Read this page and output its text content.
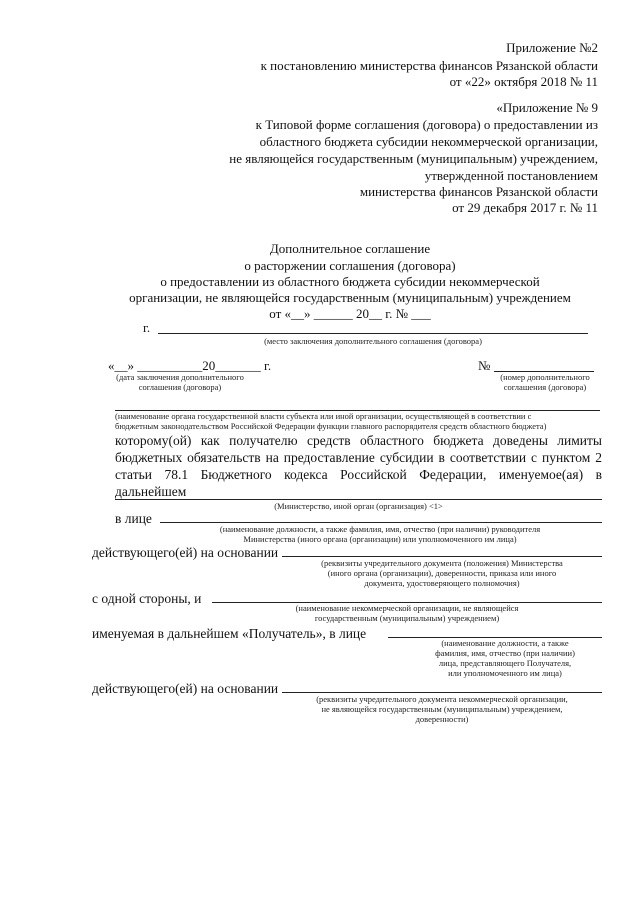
Приложение №2
к постановлению министерства финансов Рязанской области
от «22» октября 2018 № 11
«Приложение № 9
к Типовой форме соглашения (договора) о предоставлении из
областного бюджета субсидии некоммерческой организации,
не являющейся государственным (муниципальным) учреждением,
утвержденной постановлением
министерства финансов Рязанской области
от 29 декабря 2017 г. № 11
Дополнительное соглашение
о расторжении соглашения (договора)
о предоставлении из областного бюджета субсидии некоммерческой
организации, не являющейся государственным (муниципальным) учреждением
от «__» ______ 20__ г. № ___
г.
(место заключения дополнительного соглашения (договора)
«__» __________20_______ г.
(дата заключения дополнительного
соглашения (договора)
№
(номер дополнительного
соглашения (договора)
(наименование органа государственной власти субъекта или иной организации, осуществляющей в соответствии с
бюджетным законодательством Российской Федерации функции главного распорядителя средств областного бюджета)
которому(ой) как получателю средств областного бюджета доведены лимиты бюджетных обязательств на предоставление субсидии в соответствии с пунктом 2 статьи 78.1 Бюджетного кодекса Российской Федерации, именуемое(ая) в дальнейшем
(Министерство, иной орган (организация) <1>
в лице
(наименование должности, а также фамилия, имя, отчество (при наличии) руководителя
Министерства (иного органа (организации) или уполномоченного им лица)
действующего(ей) на основании
(реквизиты учредительного документа (положения) Министерства
(иного органа (организации), доверенности, приказа или иного
документа, удостоверяющего полномочия)
с одной стороны, и
(наименование некоммерческой организации, не являющейся
государственным (муниципальным) учреждением)
именуемая в дальнейшем «Получатель», в лице
(наименование должности, а также
фамилия, имя, отчество (при наличии)
лица, представляющего Получателя,
или уполномоченного им лица)
действующего(ей) на основании
(реквизиты учредительного документа некоммерческой организации,
не являющейся государственным (муниципальным) учреждением,
доверенности)
